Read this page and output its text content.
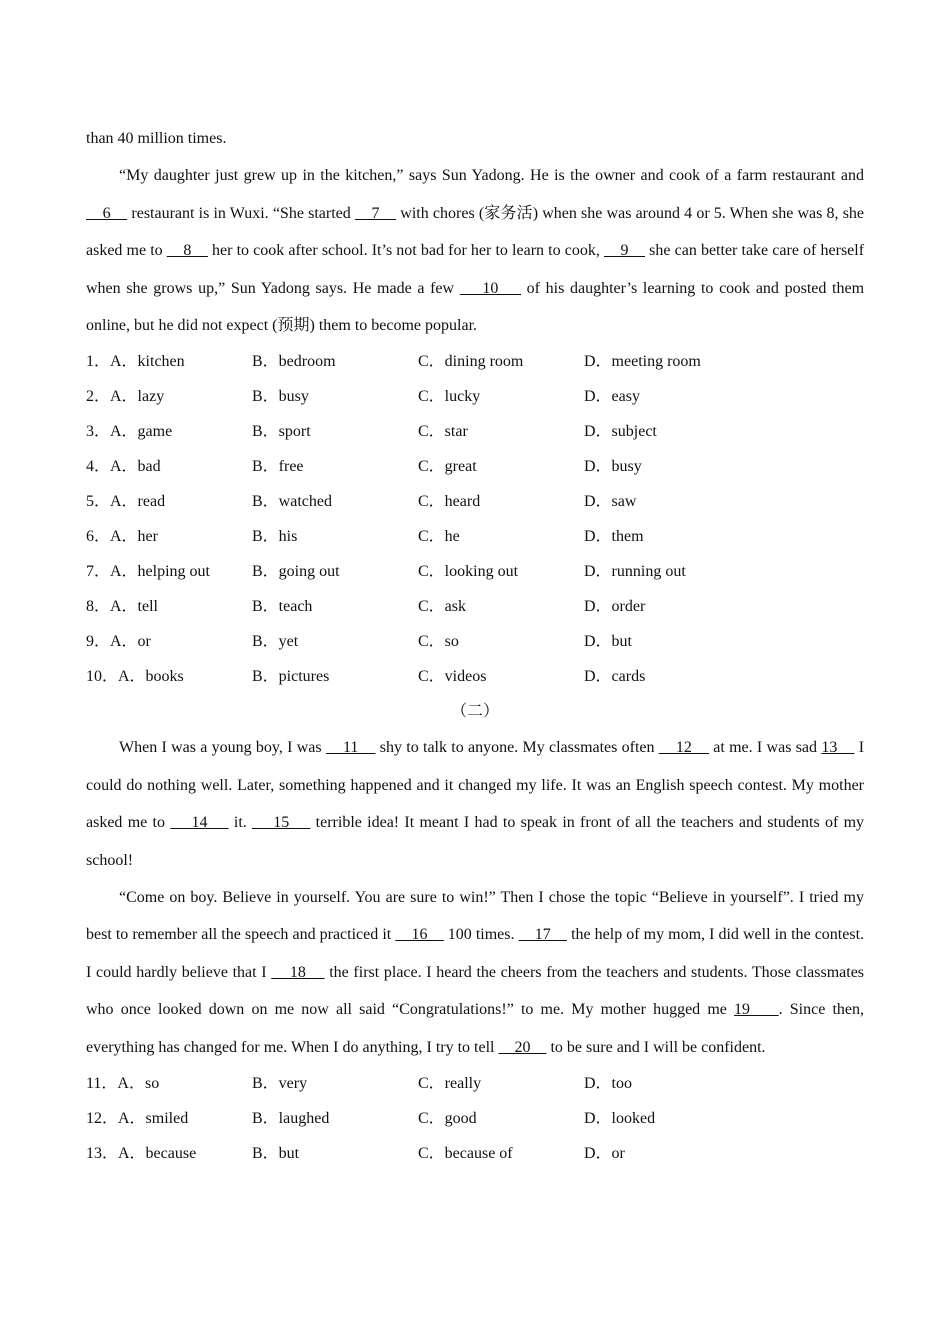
than 40 million times.

“My daughter just grew up in the kitchen,” says Sun Yadong. He is the owner and cook of a farm restaurant and     6     restaurant is in Wuxi. “She started     7     with chores (家务活) when she was around 4 or 5. When she was 8, she asked me to     8     her to cook after school. It’s not bad for her to learn to cook,     9     she can better take care of herself when she grows up,” Sun Yadong says. He made a few     10     of his daughter’s learning to cook and posted them online, but he did not expect (预期) them to become popular.

1．A．kitchen	B．bedroom	C．dining room	D．meeting room
2．A．lazy	B．busy	C．lucky	D．easy
3．A．game	B．sport	C．star	D．subject
4．A．bad	B．free	C．great	D．busy
5．A．read	B．watched	C．heard	D．saw
6．A．her	B．his	C．he	D．them
7．A．helping out	B．going out	C．looking out	D．running out
8．A．tell	B．teach	C．ask	D．order
9．A．or	B．yet	C．so	D．but
10．A．books	B．pictures	C．videos	D．cards

（二）

When I was a young boy, I was     11     shy to talk to anyone. My classmates often     12     at me. I was sad 13     I could do nothing well. Later, something happened and it changed my life. It was an English speech contest. My mother asked me to     14     it.     15     terrible idea! It meant I had to speak in front of all the teachers and students of my school!

“Come on boy. Believe in yourself. You are sure to win!” Then I chose the topic “Believe in yourself”. I tried my best to remember all the speech and practiced it     16     100 times.     17     the help of my mom, I did well in the contest. I could hardly believe that I     18     the first place. I heard the cheers from the teachers and students. Those classmates who once looked down on me now all said “Congratulations!” to me. My mother hugged me 19    . Since then, everything has changed for me. When I do anything, I try to tell     20     to be sure and I will be confident.

11．A．so	B．very	C．really	D．too
12．A．smiled	B．laughed	C．good	D．looked
13．A．because	B．but	C．because of	D．or
